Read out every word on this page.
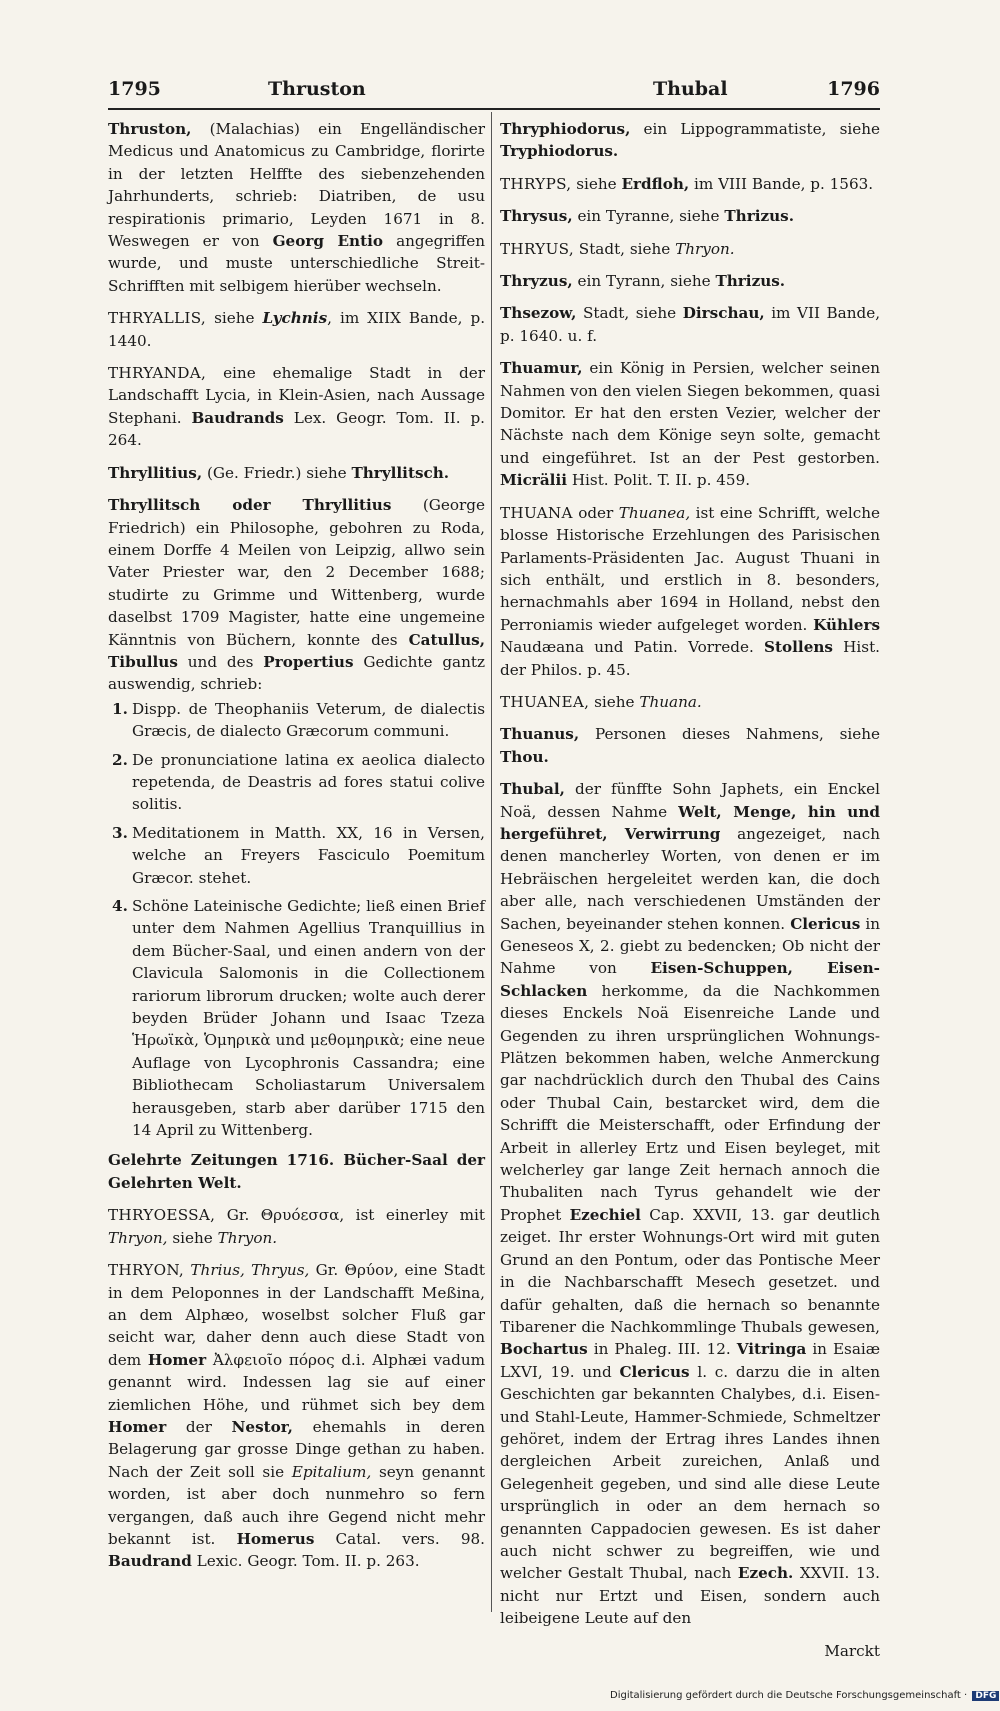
1795	Thruston	Thubal	1796

Thruston, (Malachias) ein Engelländischer Medicus und Anatomicus zu Cambridge, florirte in der letzten Helffte des siebenzehenden Jahrhunderts, schrieb: Diatriben, de usu respirationis primario, Leyden 1671 in 8. Weswegen er von Georg Entio angegriffen wurde, und muste unterschiedliche Streit-Schrifften mit selbigem hierüber wechseln.

THRYALLIS, siehe Lychnis, im XIIX Bande, p. 1440.

THRYANDA, eine ehemalige Stadt in der Landschafft Lycia, in Klein-Asien, nach Aussage Stephani. Baudrands Lex. Geogr. Tom. II. p. 264.

Thryllitius, (Ge. Friedr.) siehe Thryllitsch.

Thryllitsch oder Thryllitius (George Friedrich) ein Philosophe, gebohren zu Roda, einem Dorffe 4 Meilen von Leipzig, allwo sein Vater Priester war, den 2 December 1688; studirte zu Grimme und Wittenberg, wurde daselbst 1709 Magister, hatte eine ungemeine Känntnis von Büchern, konnte des Catullus, Tibullus und des Propertius Gedichte gantz auswendig, schrieb:
1. Dispp. de Theophaniis Veterum, de dialectis Græcis, de dialecto Græcorum communi.
2. De pronunciatione latina ex aeolica dialecto repetenda, de Deastris ad fores statui colive solitis.
3. Meditationem in Matth. XX, 16 in Versen, welche an Freyers Fasciculo Poemitum Græcor. stehet.
4. Schöne Lateinische Gedichte; ließ einen Brief unter dem Nahmen Agellius Tranquillius in dem Bücher-Saal, und einen andern von der Clavicula Salomonis in die Collectionem rariorum librorum drucken; wolte auch derer beyden Brüder Johann und Isaac Tzeza Ἡρωϊκὰ, Ὁμηρικὰ und μεθομηρικὰ; eine neue Auflage von Lycophronis Cassandra; eine Bibliothecam Scholiastarum Universalem herausgeben, starb aber darüber 1715 den 14 April zu Wittenberg.
Gelehrte Zeitungen 1716. Bücher-Saal der Gelehrten Welt.

THRYOESSA, Gr. Θρυόεσσα, ist einerley mit Thryon, siehe Thryon.

THRYON, Thrius, Thryus, Gr. Θρύον, eine Stadt in dem Peloponnes in der Landschafft Meßina, an dem Alphæo, woselbst solcher Fluß gar seicht war, daher denn auch diese Stadt von dem Homer Ἀλφειοῖο πόρος d.i. Alphæi vadum genannt wird. Indessen lag sie auf einer ziemlichen Höhe, und rühmet sich bey dem Homer der Nestor, ehemahls in deren Belagerung gar grosse Dinge gethan zu haben. Nach der Zeit soll sie Epitalium, seyn genannt worden, ist aber doch nunmehro so fern vergangen, daß auch ihre Gegend nicht mehr bekannt ist. Homerus Catal. vers. 98. Baudrand Lexic. Geogr. Tom. II. p. 263.

Thryphiodorus, ein Lippogrammatiste, siehe Tryphiodorus.

THRYPS, siehe Erdfloh, im VIII Bande, p. 1563.

Thrysus, ein Tyranne, siehe Thrizus.

THRYUS, Stadt, siehe Thryon.

Thryzus, ein Tyrann, siehe Thrizus.

Thsezow, Stadt, siehe Dirschau, im VII Bande, p. 1640. u. f.

Thuamur, ein König in Persien, welcher seinen Nahmen von den vielen Siegen bekommen, quasi Domitor. Er hat den ersten Vezier, welcher der Nächste nach dem Könige seyn solte, gemacht und eingeführet. Ist an der Pest gestorben. Micrälii Hist. Polit. T. II. p. 459.

THUANA oder Thuanea, ist eine Schrifft, welche blosse Historische Erzehlungen des Parisischen Parlaments-Präsidenten Jac. August Thuani in sich enthält, und erstlich in 8. besonders, hernachmahls aber 1694 in Holland, nebst den Perroniamis wieder aufgeleget worden. Kühlers Naudæana und Patin. Vorrede. Stollens Hist. der Philos. p. 45.

THUANEA, siehe Thuana.

Thuanus, Personen dieses Nahmens, siehe Thou.

Thubal, der fünffte Sohn Japhets, ein Enckel Noä, dessen Nahme Welt, Menge, hin und hergeführet, Verwirrung angezeiget, nach denen mancherley Worten, von denen er im Hebräischen hergeleitet werden kan, die doch aber alle, nach verschiedenen Umständen der Sachen, beyeinander stehen konnen. Clericus in Geneseos X, 2. giebt zu bedencken; Ob nicht der Nahme von Eisen-Schuppen, Eisen-Schlacken herkomme, da die Nachkommen dieses Enckels Noä Eisenreiche Lande und Gegenden zu ihren ursprünglichen Wohnungs-Plätzen bekommen haben, welche Anmerckung gar nachdrücklich durch den Thubal des Cains oder Thubal Cain, bestarcket wird, dem die Schrifft die Meisterschafft, oder Erfindung der Arbeit in allerley Ertz und Eisen beyleget, mit welcherley gar lange Zeit hernach annoch die Thubaliten nach Tyrus gehandelt wie der Prophet Ezechiel Cap. XXVII, 13. gar deutlich zeiget. Ihr erster Wohnungs-Ort wird mit guten Grund an den Pontum, oder das Pontische Meer in die Nachbarschafft Mesech gesetzet. und dafür gehalten, daß die hernach so benannte Tibarener die Nachkommlinge Thubals gewesen, Bochartus in Phaleg. III. 12. Vitringa in Esaiæ LXVI, 19. und Clericus l. c. darzu die in alten Geschichten gar bekannten Chalybes, d.i. Eisen- und Stahl-Leute, Hammer-Schmiede, Schmeltzer gehöret, indem der Ertrag ihres Landes ihnen dergleichen Arbeit zureichen, Anlaß und Gelegenheit gegeben, und sind alle diese Leute ursprünglich in oder an dem hernach so genannten Cappadocien gewesen. Es ist daher auch nicht schwer zu begreiffen, wie und welcher Gestalt Thubal, nach Ezech. XXVII. 13. nicht nur Ertzt und Eisen, sondern auch leibeigene Leute auf den

Marckt
Digitalisierung gefördert durch die Deutsche Forschungsgemeinschaft · DFG
